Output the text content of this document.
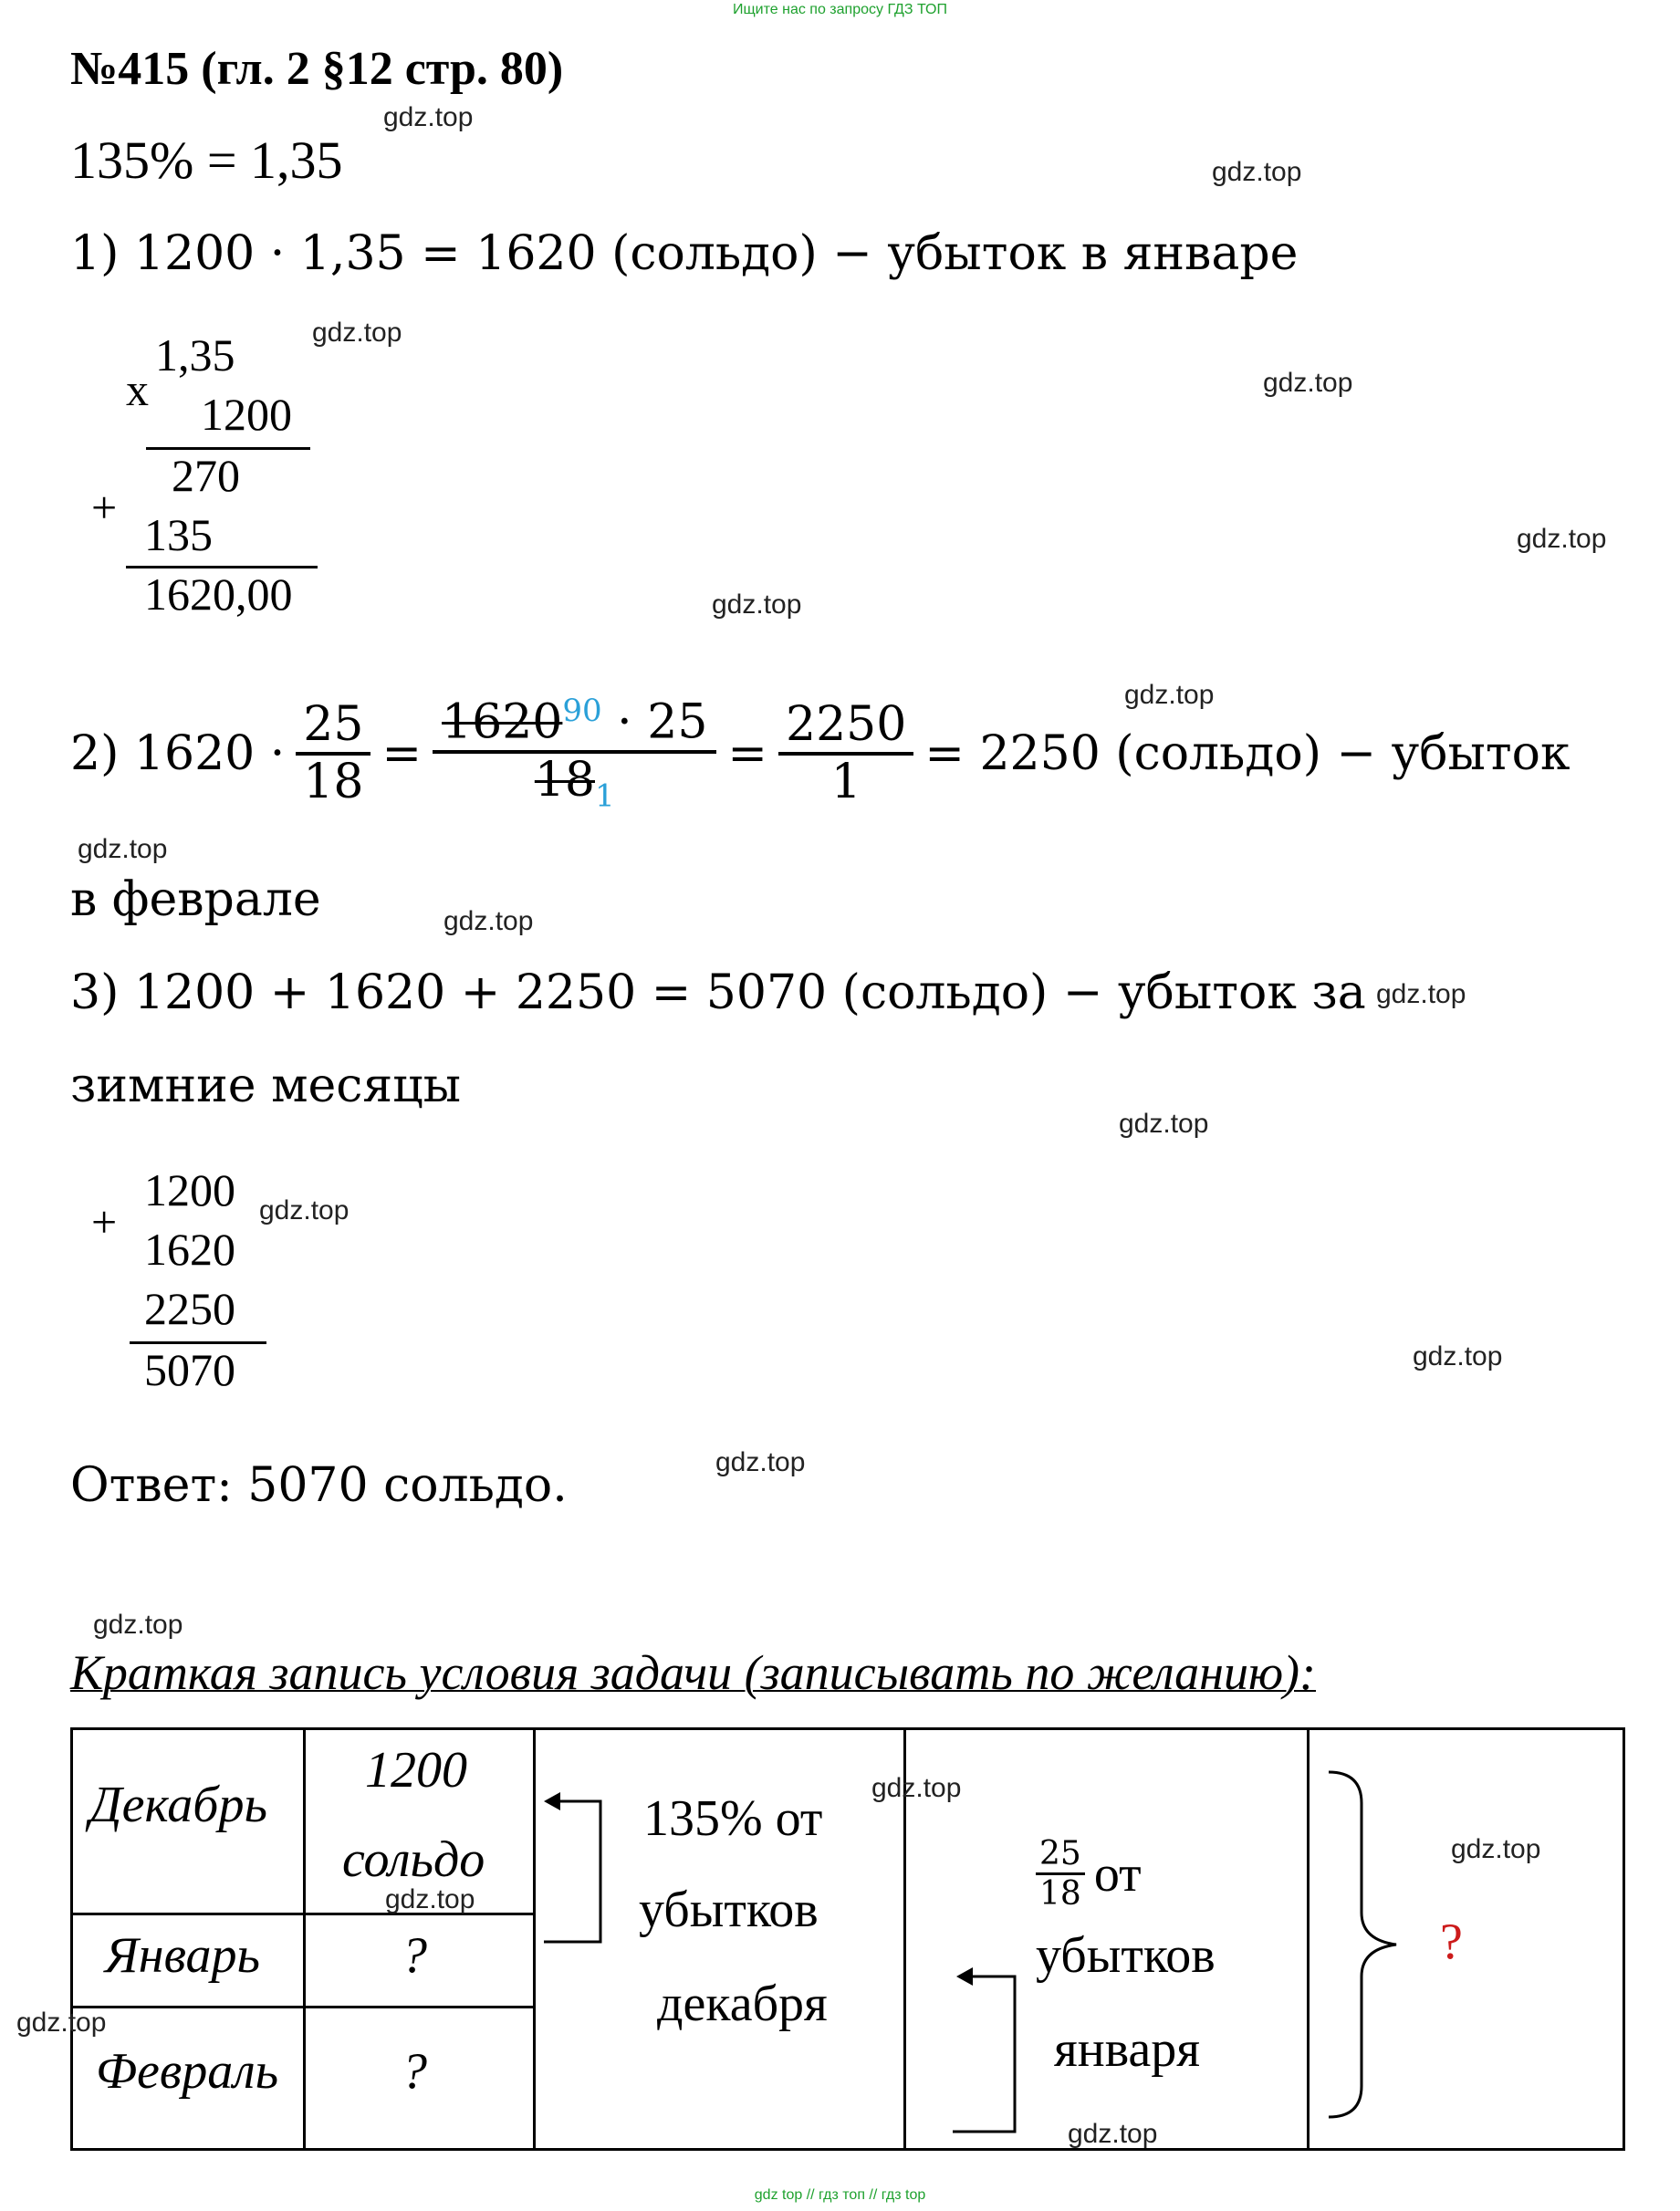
Ищите нас по запросу ГДЗ ТОП
№415 (гл. 2 §12 стр. 80)
135% = 1,35
1) 1200 · 1,35 = 1620 (сольдо) − убыток в январе
x
1,35
1200
270
+
135
1620,00
2) $1620 \cdot \frac{25}{18} = \frac{1620^{90} \cdot 25}{18_1} = \frac{2250}{1} = 2250$ (сольдо) − убыток
в феврале
3) 1200 + 1620 + 2250 = 5070 (сольдо) − убыток за
зимние месяцы
+
1200
1620
2250
5070
Ответ: 5070 сольдо.
Краткая запись условия задачи (записывать по желанию):
Декабрь
1200
сольдо
Январь	?
Февраль ?
135% от
убытков
декабря
$\frac{25}{18}$ от
убытков
января
?
gdz.top
gdz.top
gdz.top
gdz.top
gdz.top
gdz.top
gdz.top
gdz.top
gdz.top
gdz.top
gdz.top
gdz.top
gdz.top
gdz.top
gdz.top
gdz.top
gdz.top
gdz.top
gdz.top
gdz.top
gdz top // гдз топ // гдз top
